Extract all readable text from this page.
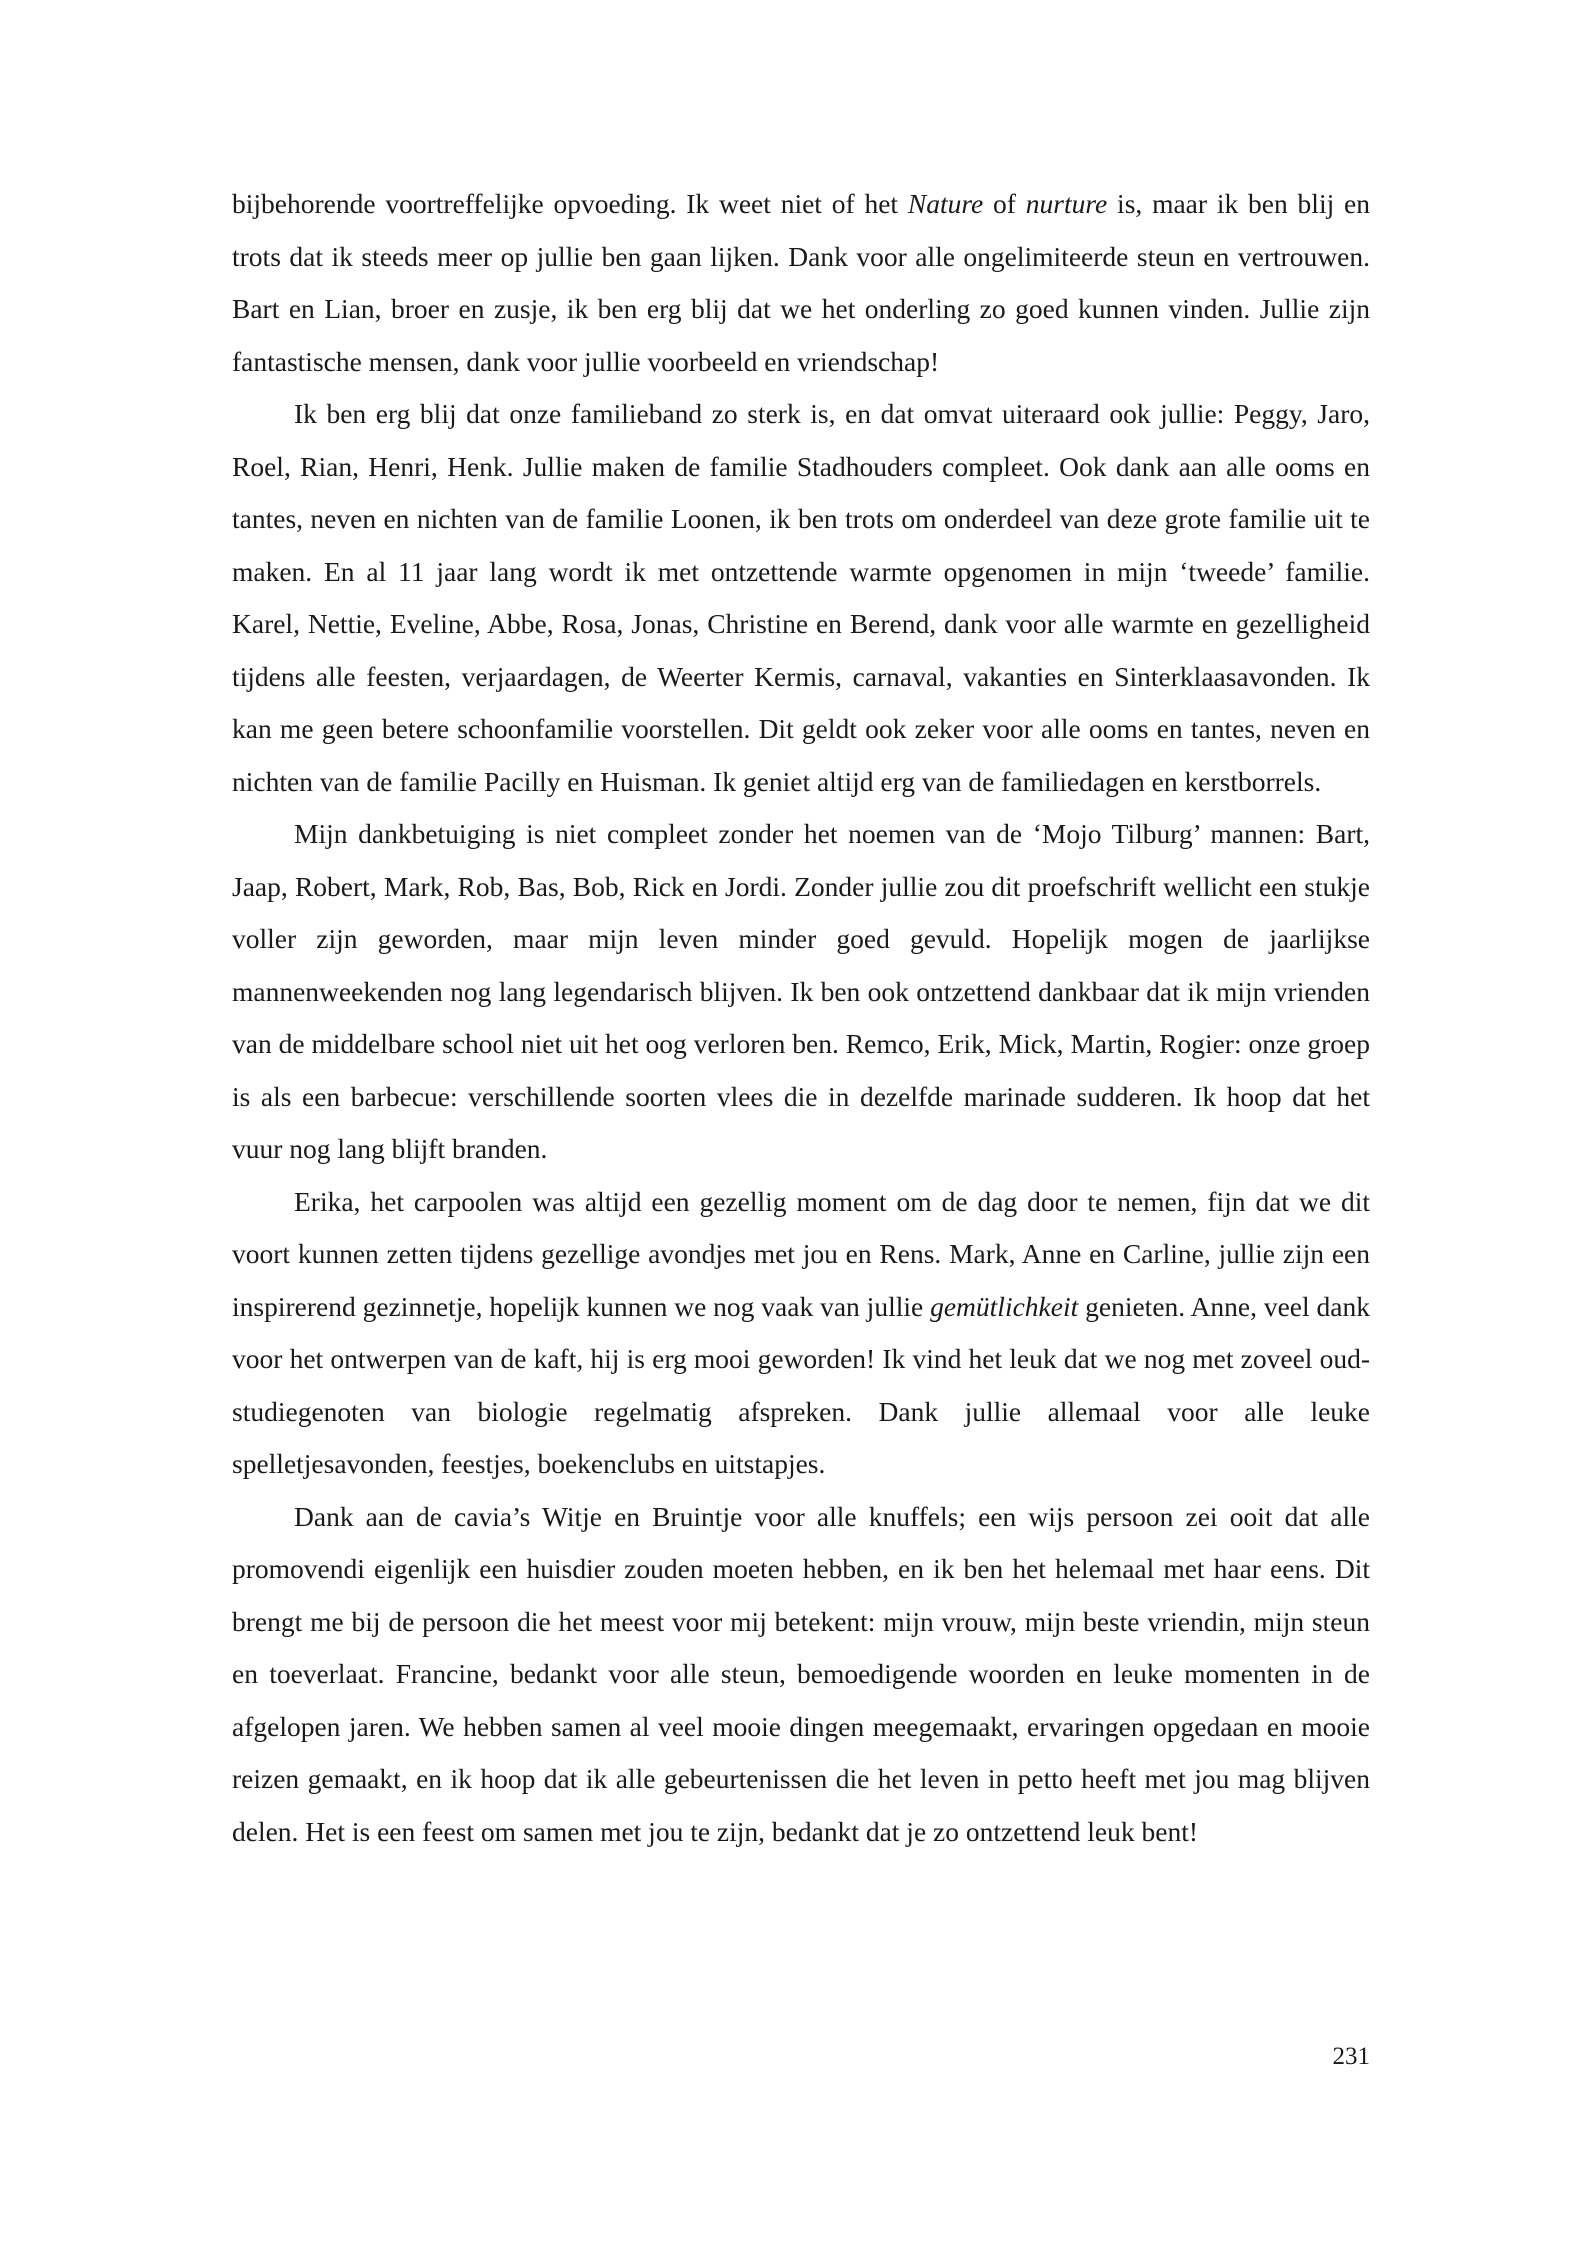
bijbehorende voortreffelijke opvoeding. Ik weet niet of het Nature of nurture is, maar ik ben blij en trots dat ik steeds meer op jullie ben gaan lijken. Dank voor alle ongelimiteerde steun en vertrouwen. Bart en Lian, broer en zusje, ik ben erg blij dat we het onderling zo goed kunnen vinden. Jullie zijn fantastische mensen, dank voor jullie voorbeeld en vriendschap!

Ik ben erg blij dat onze familieband zo sterk is, en dat omvat uiteraard ook jullie: Peggy, Jaro, Roel, Rian, Henri, Henk. Jullie maken de familie Stadhouders compleet. Ook dank aan alle ooms en tantes, neven en nichten van de familie Loonen, ik ben trots om onderdeel van deze grote familie uit te maken. En al 11 jaar lang wordt ik met ontzettende warmte opgenomen in mijn ‘tweede’ familie. Karel, Nettie, Eveline, Abbe, Rosa, Jonas, Christine en Berend, dank voor alle warmte en gezelligheid tijdens alle feesten, verjaardagen, de Weerter Kermis, carnaval, vakanties en Sinterklaasavonden. Ik kan me geen betere schoonfamilie voorstellen. Dit geldt ook zeker voor alle ooms en tantes, neven en nichten van de familie Pacilly en Huisman. Ik geniet altijd erg van de familiedagen en kerstborrels.

Mijn dankbetuiging is niet compleet zonder het noemen van de ‘Mojo Tilburg’ mannen: Bart, Jaap, Robert, Mark, Rob, Bas, Bob, Rick en Jordi. Zonder jullie zou dit proefschrift wellicht een stukje voller zijn geworden, maar mijn leven minder goed gevuld. Hopelijk mogen de jaarlijkse mannenweekenden nog lang legendarisch blijven. Ik ben ook ontzettend dankbaar dat ik mijn vrienden van de middelbare school niet uit het oog verloren ben. Remco, Erik, Mick, Martin, Rogier: onze groep is als een barbecue: verschillende soorten vlees die in dezelfde marinade sudderen. Ik hoop dat het vuur nog lang blijft branden.

Erika, het carpoolen was altijd een gezellig moment om de dag door te nemen, fijn dat we dit voort kunnen zetten tijdens gezellige avondjes met jou en Rens. Mark, Anne en Carline, jullie zijn een inspirerend gezinnetje, hopelijk kunnen we nog vaak van jullie gemütlichkeit genieten. Anne, veel dank voor het ontwerpen van de kaft, hij is erg mooi geworden! Ik vind het leuk dat we nog met zoveel oud-studiegenoten van biologie regelmatig afspreken. Dank jullie allemaal voor alle leuke spelletjesavonden, feestjes, boekenclubs en uitstapjes.

Dank aan de cavia’s Witje en Bruintje voor alle knuffels; een wijs persoon zei ooit dat alle promovendi eigenlijk een huisdier zouden moeten hebben, en ik ben het helemaal met haar eens. Dit brengt me bij de persoon die het meest voor mij betekent: mijn vrouw, mijn beste vriendin, mijn steun en toeverlaat. Francine, bedankt voor alle steun, bemoedigende woorden en leuke momenten in de afgelopen jaren. We hebben samen al veel mooie dingen meegemaakt, ervaringen opgedaan en mooie reizen gemaakt, en ik hoop dat ik alle gebeurtenissen die het leven in petto heeft met jou mag blijven delen. Het is een feest om samen met jou te zijn, bedankt dat je zo ontzettend leuk bent!

231
